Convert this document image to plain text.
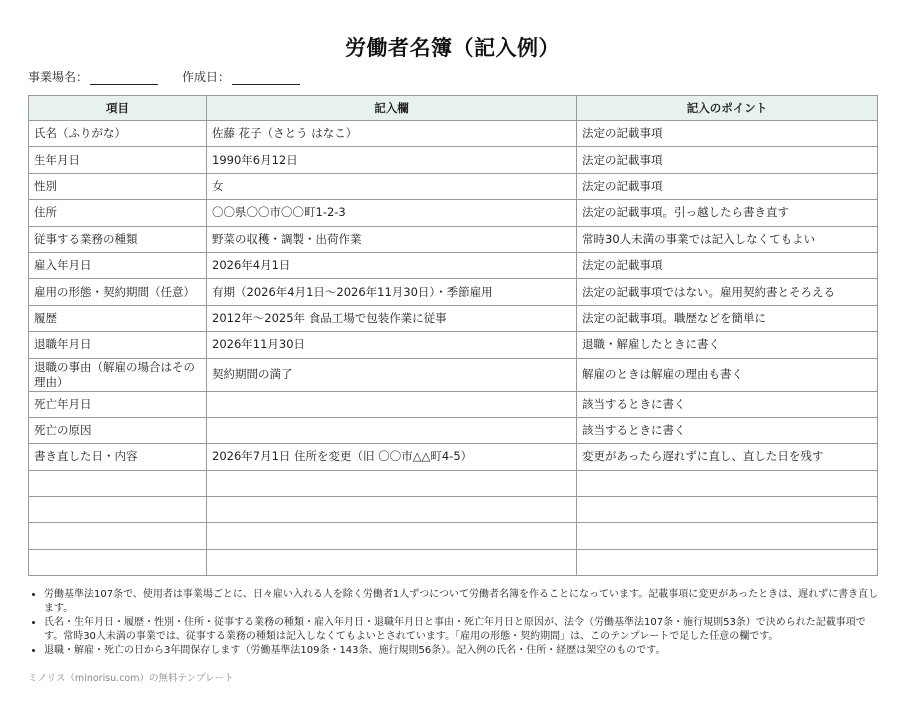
労働者名簿（記入例）
事業場名：	作成日：
項目	記入欄	記入のポイント
氏名（ふりがな）	佐藤 花子（さとう はなこ）	法定の記載事項
生年月日	1990年6月12日	法定の記載事項
性別	女	法定の記載事項
住所	〇〇県〇〇市〇〇町1-2-3	法定の記載事項。引っ越したら書き直す
従事する業務の種類	野菜の収穫・調製・出荷作業	常時30人未満の事業では記入しなくてもよい
雇入年月日	2026年4月1日	法定の記載事項
雇用の形態・契約期間（任意）	有期（2026年4月1日〜2026年11月30日）・季節雇用	法定の記載事項ではない。雇用契約書とそろえる
履歴	2012年〜2025年 食品工場で包装作業に従事	法定の記載事項。職歴などを簡単に
退職年月日	2026年11月30日	退職・解雇したときに書く
退職の事由（解雇の場合はその理由）	契約期間の満了	解雇のときは解雇の理由も書く
死亡年月日		該当するときに書く
死亡の原因		該当するときに書く
書き直した日・内容	2026年7月1日 住所を変更（旧 〇〇市△△町4-5）	変更があったら遅れずに直し、直した日を残す

• 労働基準法107条で、使用者は事業場ごとに、日々雇い入れる人を除く労働者1人ずつについて労働者名簿を作ることになっています。記載事項に変更があったときは、遅れずに書き直します。
• 氏名・生年月日・履歴・性別・住所・従事する業務の種類・雇入年月日・退職年月日と事由・死亡年月日と原因が、法令（労働基準法107条・施行規則53条）で決められた記載事項です。常時30人未満の事業では、従事する業務の種類は記入しなくてもよいとされています。「雇用の形態・契約期間」は、このテンプレートで足した任意の欄です。
• 退職・解雇・死亡の日から3年間保存します（労働基準法109条・143条、施行規則56条）。記入例の氏名・住所・経歴は架空のものです。
ミノリス（minorisu.com）の無料テンプレート
